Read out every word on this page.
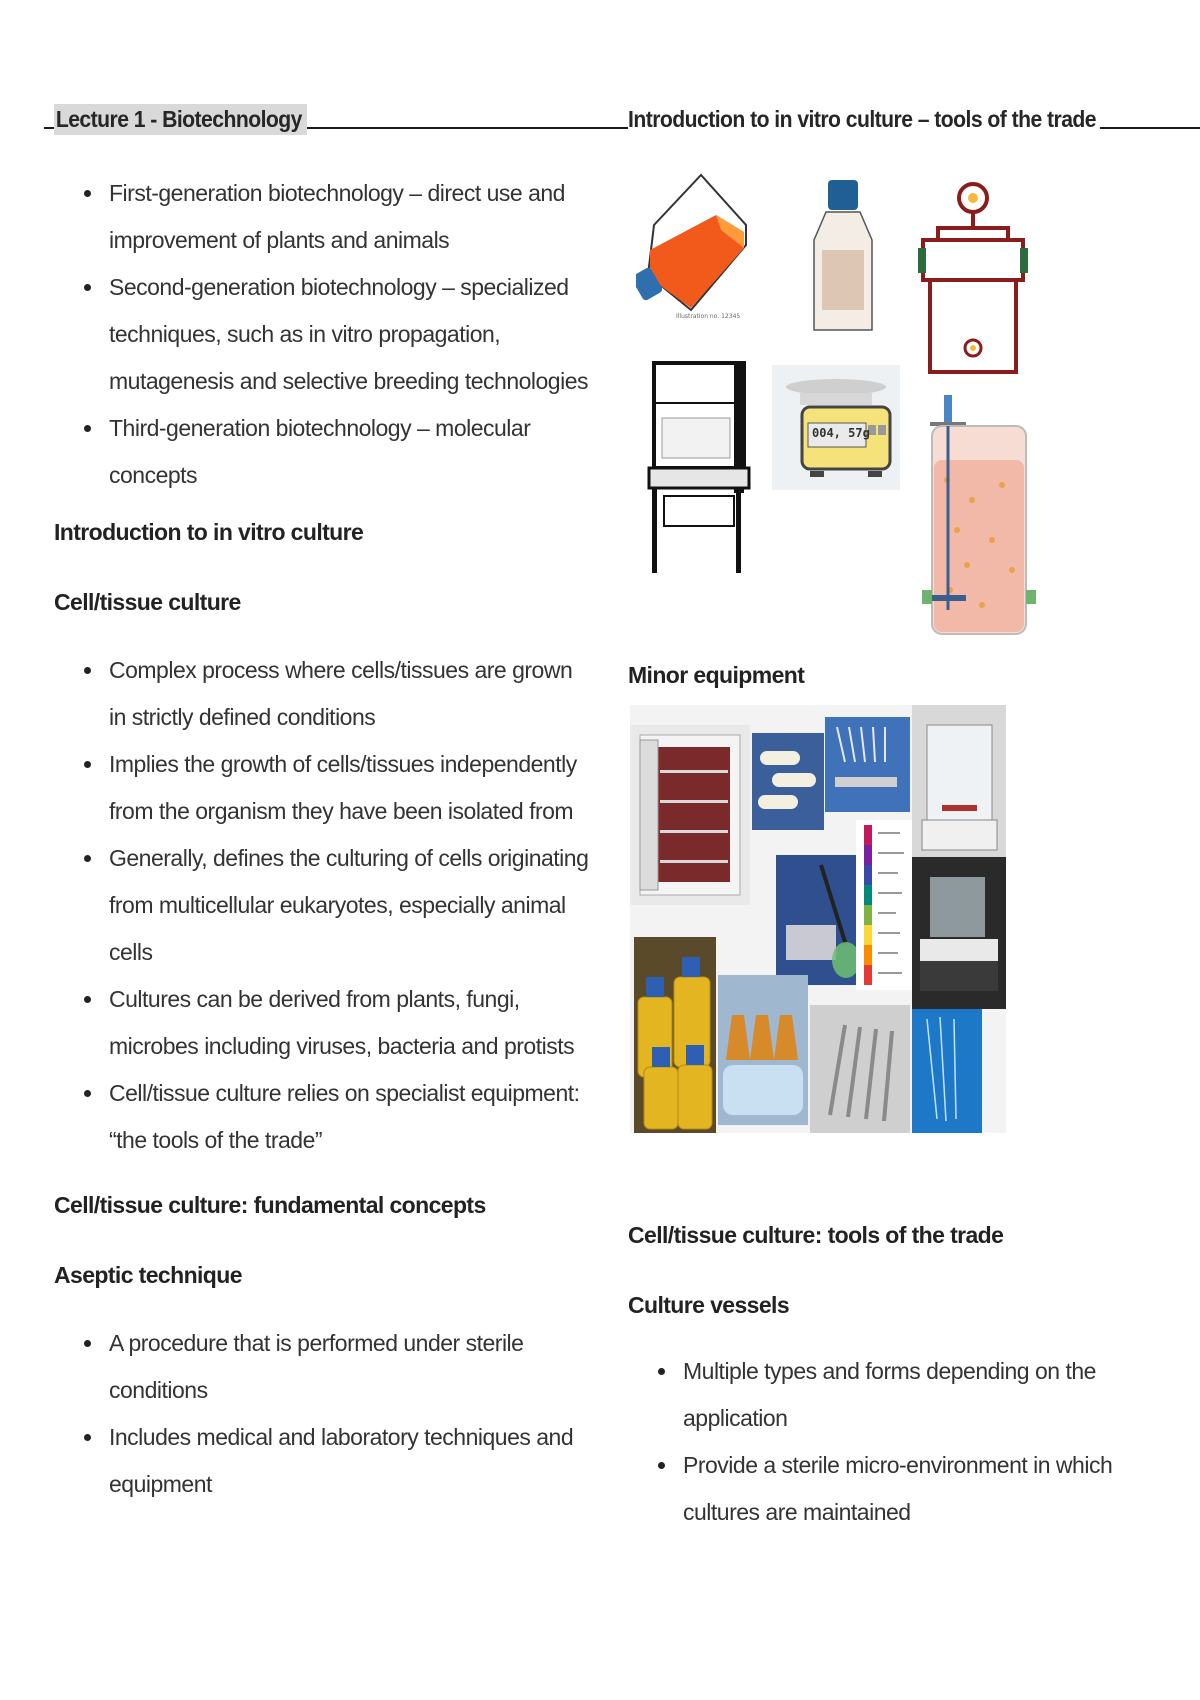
Lecture 1 - Biotechnology	Introduction to in vitro culture – tools of the trade
First-generation biotechnology – direct use and improvement of plants and animals
Second-generation biotechnology – specialized techniques, such as in vitro propagation, mutagenesis and selective breeding technologies
Third-generation biotechnology – molecular concepts
Introduction to in vitro culture
Cell/tissue culture
Complex process where cells/tissues are grown in strictly defined conditions
Implies the growth of cells/tissues independently from the organism they have been isolated from
Generally, defines the culturing of cells originating from multicellular eukaryotes, especially animal cells
Cultures can be derived from plants, fungi, microbes including viruses, bacteria and protists
Cell/tissue culture relies on specialist equipment: “the tools of the trade”
Cell/tissue culture: fundamental concepts
Aseptic technique
A procedure that is performed under sterile conditions
Includes medical and laboratory techniques and equipment
Illustration no. 12345
004, 57g
Minor equipment
Cell/tissue culture: tools of the trade
Culture vessels
Multiple types and forms depending on the application
Provide a sterile micro-environment in which cultures are maintained
